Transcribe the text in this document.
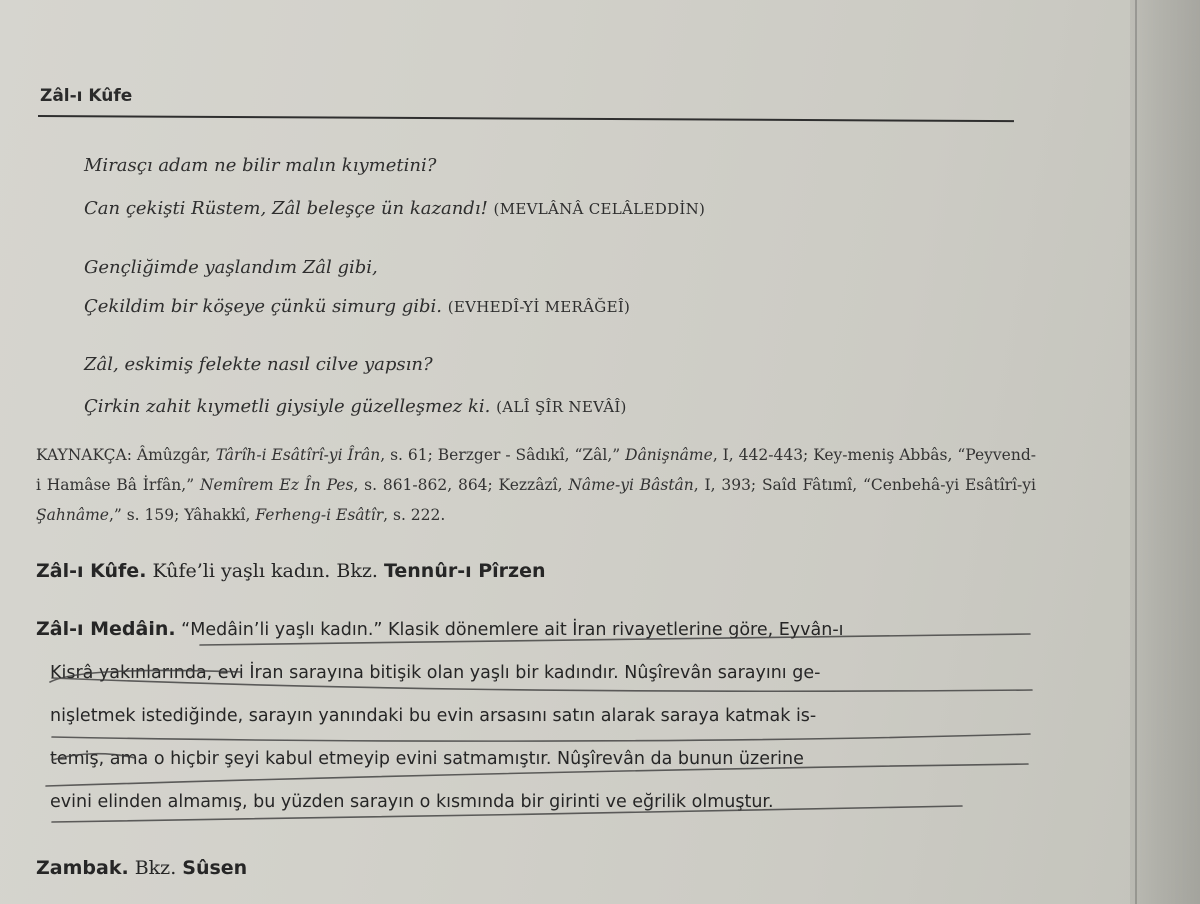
Zâl-ı Kûfe
Mirasçı adam ne bilir malın kıymetini?
Can çekişti Rüstem, Zâl beleşçe ün kazandı! (MEVLÂNÂ CELÂLEDDİN)
Gençliğimde yaşlandım Zâl gibi,
Çekildim bir köşeye çünkü simurg gibi. (EVHEDÎ-Yİ MERÂĞEÎ)
Zâl, eskimiş felekte nasıl cilve yapsın?
Çirkin zahit kıymetli giysiyle güzelleşmez ki. (ALÎ ŞÎR NEVÂÎ)
KAYNAKÇA: Âmûzgâr, Târîh-i Esâtîrî-yi Îrân, s. 61; Berzger - Sâdıkî, “Zâl,” Dânişnâme, I, 442-443; Key-meniş Abbâs, “Peyvend-i Hamâse Bâ İrfân,” Nemîrem Ez În Pes, s. 861-862, 864; Kezzâzî, Nâme-yi Bâstân, I, 393; Saîd Fâtımî, “Cenbehâ-yi Esâtîrî-yi Şahnâme,” s. 159; Yâhakkî, Ferheng-i Esâtîr, s. 222.
Zâl-ı Kûfe. Kûfe’li yaşlı kadın. Bkz. Tennûr-ı Pîrzen
Zâl-ı Medâin. “Medâin’li yaşlı kadın.” Klasik dönemlere ait İran rivayetlerine göre, Eyvân-ı
Kisrâ yakınlarında, evi İran sarayına bitişik olan yaşlı bir kadındır. Nûşîrevân sarayını ge-
nişletmek istediğinde, sarayın yanındaki bu evin arsasını satın alarak saraya katmak is-
temiş, ama o hiçbir şeyi kabul etmeyip evini satmamıştır. Nûşîrevân da bunun üzerine
evini elinden almamış, bu yüzden sarayın o kısmında bir girinti ve eğrilik olmuştur.
Zambak. Bkz. Sûsen
